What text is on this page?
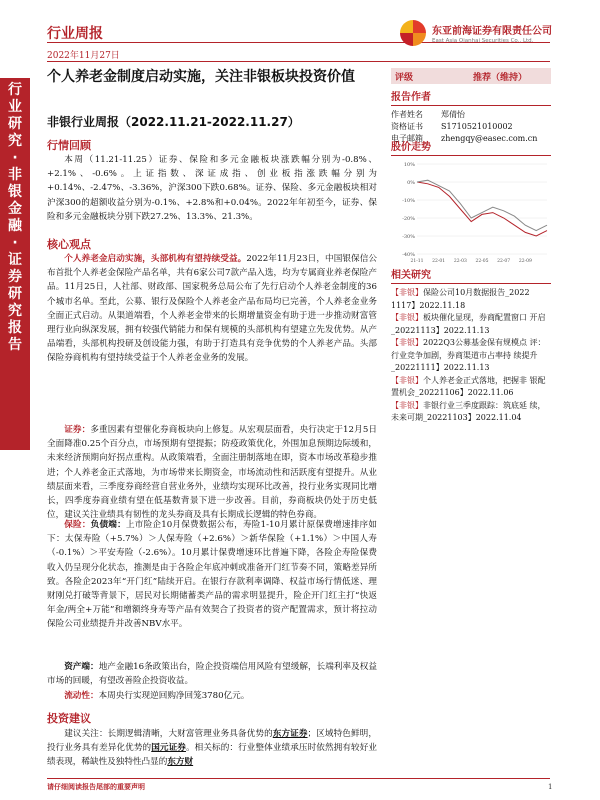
行业周报
2022年11月27日
东亚前海证券有限责任公司
East Asia Qianhai Securities Co., Ltd.
行业研究·非银金融·证券研究报告
个人养老金制度启动实施，关注非银板块投资价值
非银行业周报（2022.11.21-2022.11.27）
行情回顾
本周（11.21-11.25）证券、保险和多元金融板块涨跌幅分别为-0.8%、+2.1%、-0.6%。上证指数、深证成指、创业板指涨跌幅分别为+0.14%、-2.47%、-3.36%，沪深300下跌0.68%。证券、保险、多元金融板块相对沪深300的超额收益分别为-0.1%、+2.8%和+0.04%。2022年年初至今，证券、保险和多元金融板块分别下跌27.2%、13.3%、21.3%。
核心观点
个人养老金启动实施，头部机构有望持续受益。2022年11月23日，中国银保信公布首批个人养老金保险产品名单，共有6家公司7款产品入选，均为专属商业养老保险产品。11月25日，人社部、财政部、国家税务总局公布了先行启动个人养老金制度的36个城市名单。至此，公募、银行及保险个人养老金产品布局均已完善，个人养老金业务全面正式启动。从渠道端看，个人养老金带来的长期增量资金有助于进一步推动财富管理行业向纵深发展，拥有较强代销能力和保有规模的头部机构有望建立先发优势。从产品端看，头部机构投研及创设能力强，有助于打造具有竞争优势的个人养老产品。头部保险券商机构有望持续受益于个人养老金业务的发展。
证券：多重因素有望催化券商板块向上修复。从宏观层面看，央行决定于12月5日全面降准0.25个百分点，市场预期有望提振；防疫政策优化，外围加息预期边际缓和，未来经济预期向好拐点重构。从政策端看，全面注册制落地在即，资本市场改革稳步推进；个人养老金正式落地，为市场带来长期资金，市场流动性和活跃度有望提升。从业绩层面来看，三季度券商经营自营业务外，业绩均实现环比改善，投行业务实现同比增长，四季度券商业绩有望在低基数背景下进一步改善。目前，券商板块仍处于历史低位，建议关注业绩具有韧性的龙头券商及具有长期成长逻辑的特色券商。
保险：负债端：上市险企10月保费数据公布，寿险1-10月累计原保费增速排序如下：太保寿险（+5.7%）＞人保寿险（+2.6%）＞新华保险（+1.1%）＞中国人寿（-0.1%）＞平安寿险（-2.6%）。10月累计保费增速环比普遍下降，各险企寿险保费收入仍呈现分化状态，推测是由于各险企年底冲刺或准备开门红节奏不同，策略差异所致。各险企2023年“开门红”陆续开启。在银行存款利率调降、权益市场行情低迷、理财刚兑打破等背景下，居民对长期储蓄类产品的需求明显提升，险企开门红主打“快返年金/两全+万能”和增额终身寿等产品有效契合了投资者的资产配置需求，预计将拉动保险公司业绩提升并改善NBV水平。
资产端：地产金融16条政策出台，险企投资端信用风险有望缓解，长端利率及权益市场的回暖，有望改善险企投资收益。
流动性：本周央行实现逆回购净回笼3780亿元。
投资建议
建议关注：长期逻辑清晰，大财富管理业务具备优势的东方证券；区域特色鲜明，投行业务具有差异化优势的国元证券。相关标的：行业整体业绩承压时依然拥有较好业绩表现，稀缺性及独特性凸显的东方财
评级	推荐（维持）
报告作者
作者姓名	郑倩怡
资格证书	S1710521010002
电子邮箱	zhengqy@easec.com.cn
股价走势
10%
0%
-10%
-20%
-30%
-40%
21-11 22-01 22-03 22-05 22-07 22-09
相关研究
【非银】保险公司10月数据报告_2022 1117】2022.11.18
【非银】板块催化显现，券商配置窗口 开启_20221113】2022.11.13
【非银】2022Q3公募基金保有规模点 评：行业竞争加剧，券商渠道市占率持 续提升_20221111】2022.11.13
【非银】个人养老金正式落地，把握非 银配置机会_20221106】2022.11.06
【非银】非银行业三季度跟踪：筑底延 续，未来可期_20221103】2022.11.04
请仔细阅读报告尾部的重要声明	1
